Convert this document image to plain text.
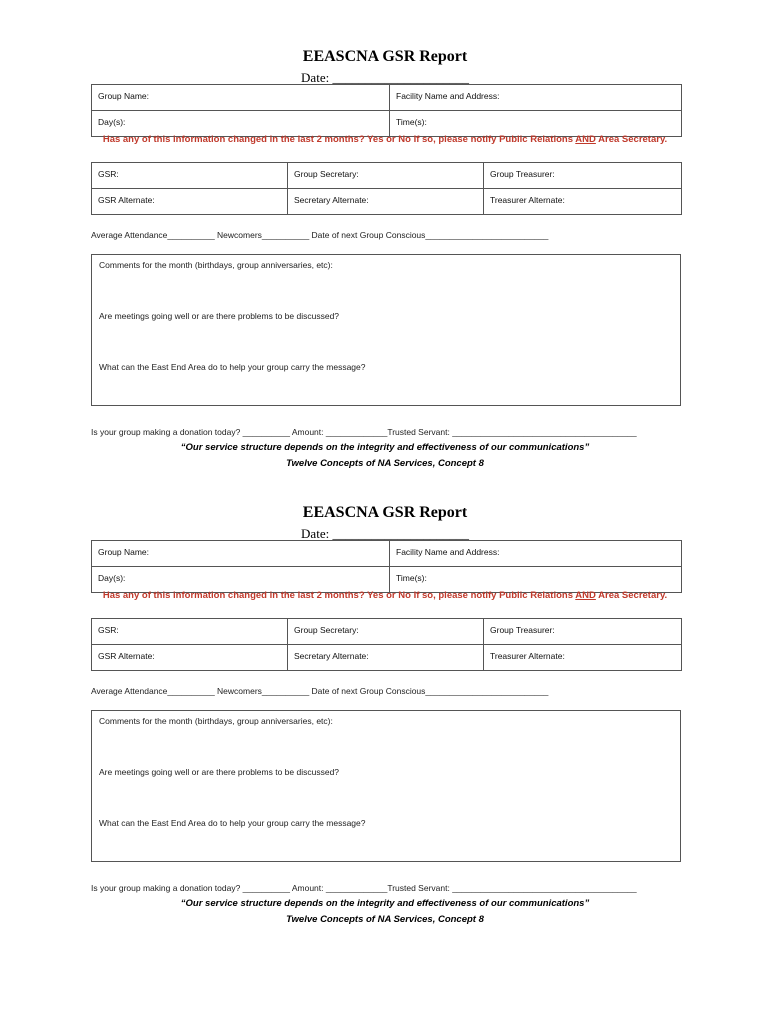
EEASCNA GSR Report
Date: _____________________
Group Name:	Facility Name and Address:
Day(s):	Time(s):
Has any of this information changed in the last 2 months? Yes or No If so, please notify Public Relations AND Area Secretary.
GSR:	Group Secretary:	Group Treasurer:
GSR Alternate:	Secretary Alternate:	Treasurer Alternate:
Average Attendance__________ Newcomers__________ Date of next Group Conscious__________________________
Comments for the month (birthdays, group anniversaries, etc):
Are meetings going well or are there problems to be discussed?
What can the East End Area do to help your group carry the message?
Is your group making a donation today? __________ Amount: _____________Trusted Servant: _______________________________________
“Our service structure depends on the integrity and effectiveness of our communications”
Twelve Concepts of NA Services, Concept 8
EEASCNA GSR Report
Date: _____________________
Group Name:	Facility Name and Address:
Day(s):	Time(s):
Has any of this information changed in the last 2 months? Yes or No If so, please notify Public Relations AND Area Secretary.
GSR:	Group Secretary:	Group Treasurer:
GSR Alternate:	Secretary Alternate:	Treasurer Alternate:
Average Attendance__________ Newcomers__________ Date of next Group Conscious__________________________
Comments for the month (birthdays, group anniversaries, etc):
Are meetings going well or are there problems to be discussed?
What can the East End Area do to help your group carry the message?
Is your group making a donation today? __________ Amount: _____________Trusted Servant: _______________________________________
“Our service structure depends on the integrity and effectiveness of our communications”
Twelve Concepts of NA Services, Concept 8
